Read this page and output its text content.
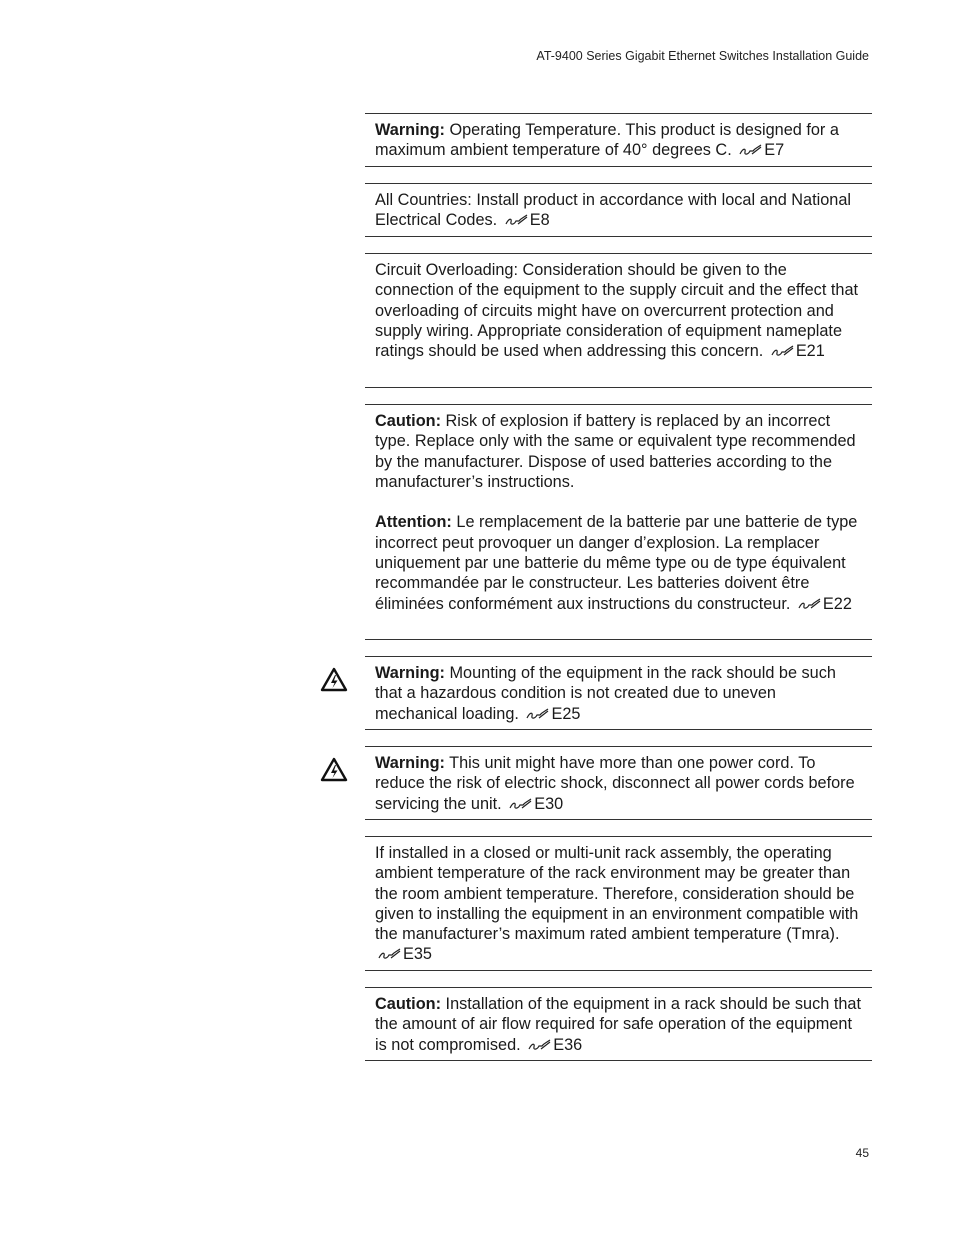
AT-9400 Series Gigabit Ethernet Switches Installation Guide

Warning: Operating Temperature. This product is designed for a maximum ambient temperature of 40° degrees C. E7

All Countries: Install product in accordance with local and National Electrical Codes. E8

Circuit Overloading: Consideration should be given to the connection of the equipment to the supply circuit and the effect that overloading of circuits might have on overcurrent protection and supply wiring. Appropriate consideration of equipment nameplate ratings should be used when addressing this concern. E21

Caution: Risk of explosion if battery is replaced by an incorrect type. Replace only with the same or equivalent type recommended by the manufacturer. Dispose of used batteries according to the manufacturer’s instructions.

Attention: Le remplacement de la batterie par une batterie de type incorrect peut provoquer un danger d’explosion. La remplacer uniquement par une batterie du même type ou de type équivalent recommandée par le constructeur. Les batteries doivent être éliminées conformément aux instructions du constructeur. E22

Warning: Mounting of the equipment in the rack should be such that a hazardous condition is not created due to uneven mechanical loading. E25

Warning: This unit might have more than one power cord. To reduce the risk of electric shock, disconnect all power cords before servicing the unit. E30

If installed in a closed or multi-unit rack assembly, the operating ambient temperature of the rack environment may be greater than the room ambient temperature. Therefore, consideration should be given to installing the equipment in an environment compatible with the manufacturer’s maximum rated ambient temperature (Tmra). E35

Caution: Installation of the equipment in a rack should be such that the amount of air flow required for safe operation of the equipment is not compromised. E36

45
